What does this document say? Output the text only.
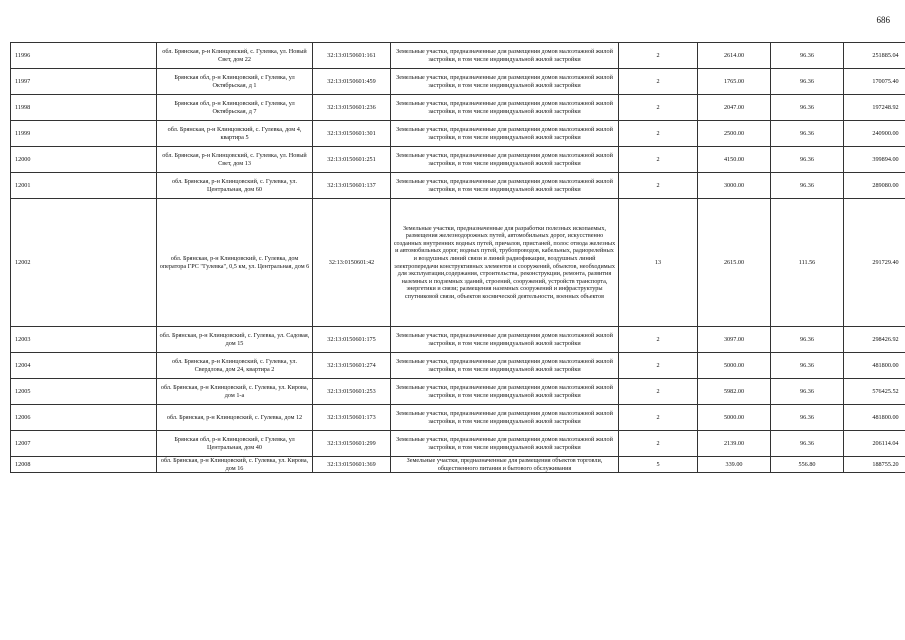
686
11996	обл. Брянская, р-н Клинцовский, с. Гулевка, ул. Новый Свет, дом 22	32:13:0150601:161	Земельные участки, предназначенные для размещения домов малоэтажной жилой застройки, в том числе индивидуальной жилой застройки	2	2614.00	96.36	251885.04
11997	Брянская обл, р-н Клинцовский, с Гулевка, ул Октябрьская, д 1	32:13:0150601:459	Земельные участки, предназначенные для размещения домов малоэтажной жилой застройки, в том числе индивидуальной жилой застройки	2	1765.00	96.36	170075.40
11998	Брянская обл, р-н Клинцовский, с Гулевка, ул Октябрьская, д 7	32:13:0150601:236	Земельные участки, предназначенные для размещения домов малоэтажной жилой застройки, в том числе индивидуальной жилой застройки	2	2047.00	96.36	197248.92
11999	обл. Брянская, р-н Клинцовский, с. Гулевка, дом 4, квартира 5	32:13:0150601:301	Земельные участки, предназначенные для размещения домов малоэтажной жилой застройки, в том числе индивидуальной жилой застройки	2	2500.00	96.36	240900.00
12000	обл. Брянская, р-н Клинцовский, с. Гулевка, ул. Новый Свет, дом 13	32:13:0150601:251	Земельные участки, предназначенные для размещения домов малоэтажной жилой застройки, в том числе индивидуальной жилой застройки	2	4150.00	96.36	399894.00
12001	обл. Брянская, р-н Клинцовский, с. Гулевка, ул. Центральная, дом 60	32:13:0150601:137	Земельные участки, предназначенные для размещения домов малоэтажной жилой застройки, в том числе индивидуальной жилой застройки	2	3000.00	96.36	289080.00
12002	обл. Брянская, р-н Клинцовский, с. Гулевка, дом оператора ГРС "Гулевка", 0,5 км, ул. Центральная, дом 6	32:13:0150601:42	Земельные участки, предназначенные для разработки полезных ископаемых, размещения железнодорожных путей, автомобильных дорог, искусственно созданных внутренних водных путей, причалов, пристаней, полос отвода железных и автомобильных дорог, водных путей, трубопроводов, кабельных, радиорелейных и воздушных линий связи и линий радиофикации, воздушных линий электропередачи конструктивных элементов и сооружений, объектов, необходимых для эксплуатации,содержания, строительства, реконструкции, ремонта, развития наземных и подземных зданий, строений, сооружений, устройств транспорта, энергетики и связи; размещения наземных сооружений и инфраструктуры спутниковой связи, объектов космической деятельности, военных объектов	13	2615.00	111.56	291729.40
12003	обл. Брянская, р-н Клинцовский, с. Гулевка, ул. Садовая, дом 15	32:13:0150601:175	Земельные участки, предназначенные для размещения домов малоэтажной жилой застройки, в том числе индивидуальной жилой застройки	2	3097.00	96.36	298426.92
12004	обл. Брянская, р-н Клинцовский, с. Гулевка, ул. Свердлова, дом 24, квартира 2	32:13:0150601:274	Земельные участки, предназначенные для размещения домов малоэтажной жилой застройки, в том числе индивидуальной жилой застройки	2	5000.00	96.36	481800.00
12005	обл. Брянская, р-н Клинцовский, с. Гулевка, ул. Кирова, дом 1-а	32:13:0150601:253	Земельные участки, предназначенные для размещения домов малоэтажной жилой застройки, в том числе индивидуальной жилой застройки	2	5982.00	96.36	576425.52
12006	обл. Брянская, р-н Клинцовский, с. Гулевка, дом 12	32:13:0150601:173	Земельные участки, предназначенные для размещения домов малоэтажной жилой застройки, в том числе индивидуальной жилой застройки	2	5000.00	96.36	481800.00
12007	Брянская обл, р-н Клинцовский, с Гулевка, ул Центральная, дом 40	32:13:0150601:299	Земельные участки, предназначенные для размещения домов малоэтажной жилой застройки, в том числе индивидуальной жилой застройки	2	2139.00	96.36	206114.04
12008	обл. Брянская, р-н Клинцовский, с. Гулевка, ул. Кирова, дом 16	32:13:0150601:369	Земельные участки, предназначенные для размещения объектов торговли, общественного питания и бытового обслуживания	5	339.00	556.80	188755.20
